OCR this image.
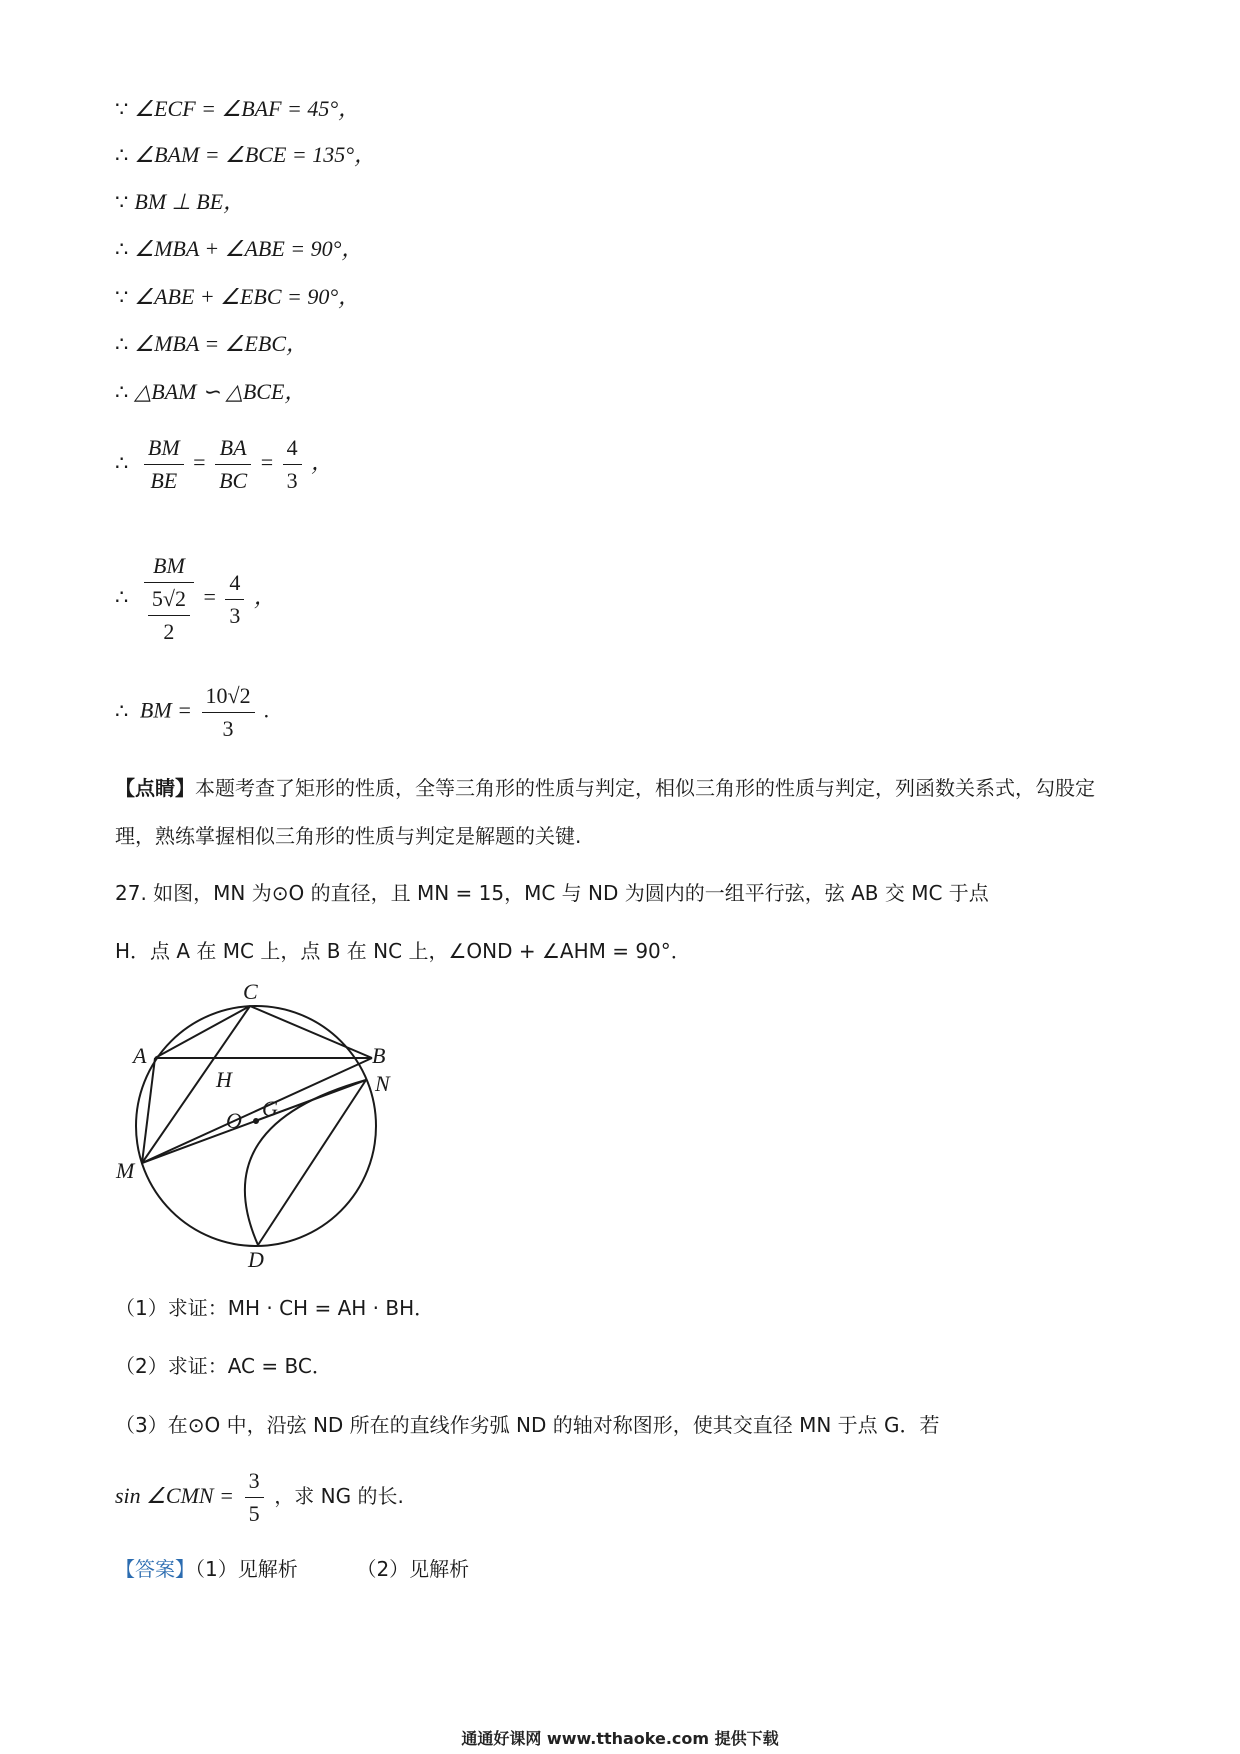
∵ ∠ECF = ∠BAF = 45°，
∴ ∠BAM = ∠BCE = 135°，
∵ BM ⊥ BE，
∴ ∠MBA + ∠ABE = 90°，
∵ ∠ABE + ∠EBC = 90°，
∴ ∠MBA = ∠EBC，
∴ △BAM ∽ △BCE，
∴ $\frac{BM}{BE} = \frac{BA}{BC} = \frac{4}{3}$ ，
∴ $\frac{BM}{\frac{5√2}{2}} = \frac{4}{3}$ ，
∴ BM = $\frac{10√2}{3}$ .
【点睛】本题考查了矩形的性质，全等三角形的性质与判定，相似三角形的性质与判定，列函数关系式，勾股定理，熟练掌握相似三角形的性质与判定是解题的关键.
27. 如图，MN 为⊙O 的直径，且 MN = 15，MC 与 ND 为圆内的一组平行弦，弦 AB 交 MC 于点
H．点 A 在 MC 上，点 B 在 NC 上，∠OND + ∠AHM = 90°．
C
A	B
H	N
O G
M
D
（1）求证：MH · CH = AH · BH．
（2）求证：AC = BC．
（3）在⊙O 中，沿弦 ND 所在的直线作劣弧 ND 的轴对称图形，使其交直径 MN 于点 G．若
sin ∠CMN = $\frac{3}{5}$ ，求 NG 的长.
【答案】（1）见解析	（2）见解析
通通好课网 www.tthaoke.com 提供下载
